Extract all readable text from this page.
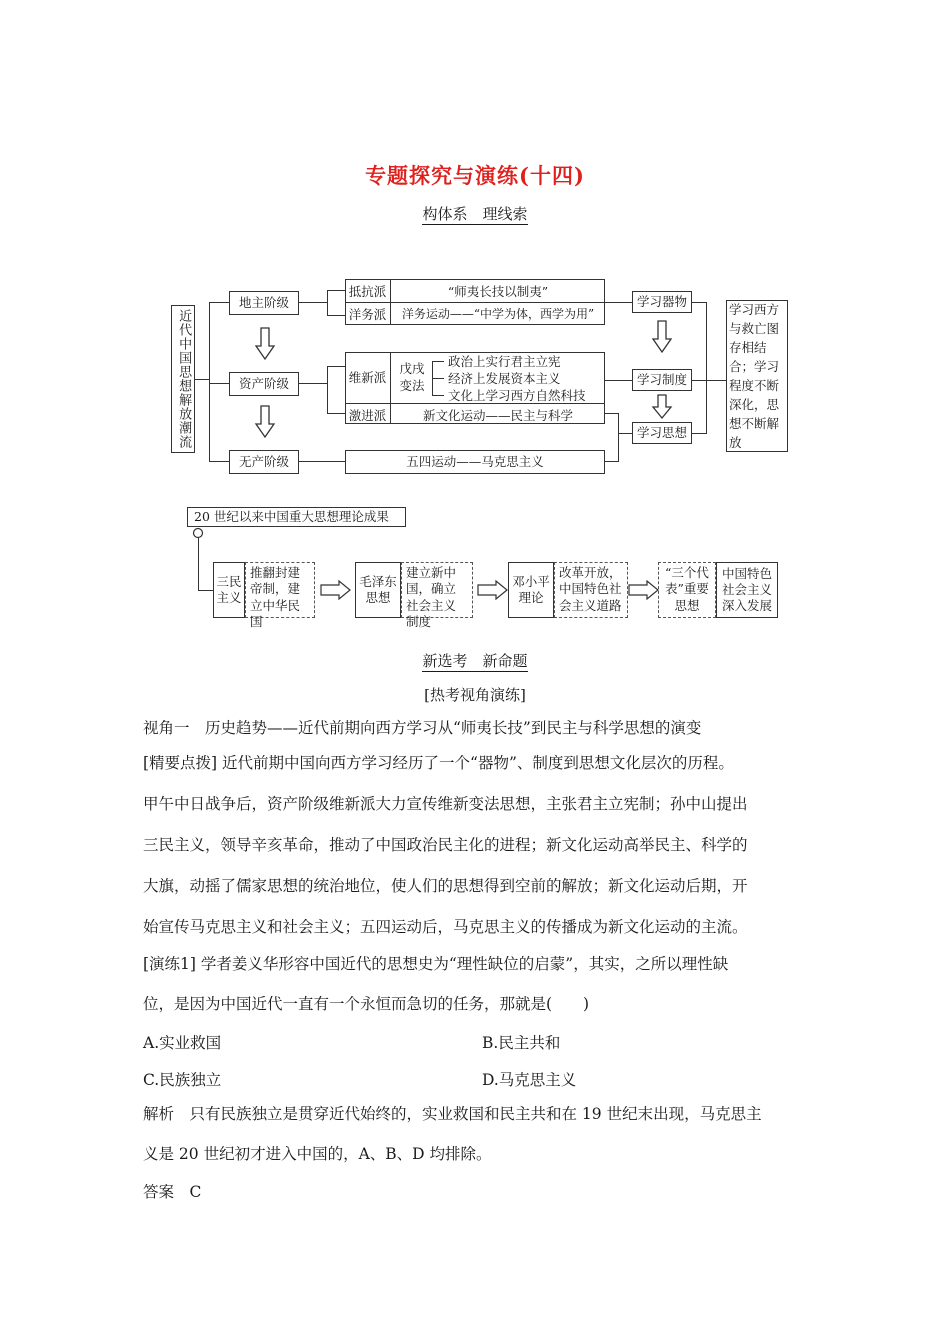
专题探究与演练(十四)
构体系　理线索
近代中国思想解放潮流
地主阶级
资产阶级
无产阶级
抵抗派
洋务派
“师夷长技以制夷”
洋务运动——“中学为体，西学为用”
维新派
激进派
戊戌变法
政治上实行君主立宪
经济上发展资本主义
文化上学习西方自然科技
新文化运动——民主与科学
五四运动——马克思主义
学习器物
学习制度
学习思想
学习西方与救亡图存相结合；学习程度不断深化，思想不断解放
20 世纪以来中国重大思想理论成果
三民主义
推翻封建帝制，建立中华民国
毛泽东思想
建立新中国，确立社会主义制度
邓小平理论
改革开放，中国特色社会主义道路
“三个代表”重要思想
中国特色社会主义深入发展
新选考　新命题
[热考视角演练]
视角一　历史趋势——近代前期向西方学习从“师夷长技”到民主与科学思想的演变
[精要点拨] 近代前期中国向西方学习经历了一个“器物”、制度到思想文化层次的历程。
甲午中日战争后，资产阶级维新派大力宣传维新变法思想，主张君主立宪制；孙中山提出
三民主义，领导辛亥革命，推动了中国政治民主化的进程；新文化运动高举民主、科学的
大旗，动摇了儒家思想的统治地位，使人们的思想得到空前的解放；新文化运动后期，开
始宣传马克思主义和社会主义；五四运动后，马克思主义的传播成为新文化运动的主流。
[演练1] 学者姜义华形容中国近代的思想史为“理性缺位的启蒙”，其实，之所以理性缺
位，是因为中国近代一直有一个永恒而急切的任务，那就是(　　)
A.实业救国	B.民主共和
C.民族独立	D.马克思主义
解析　只有民族独立是贯穿近代始终的，实业救国和民主共和在 19 世纪末出现，马克思主
义是 20 世纪初才进入中国的，A、B、D 均排除。
答案　C
